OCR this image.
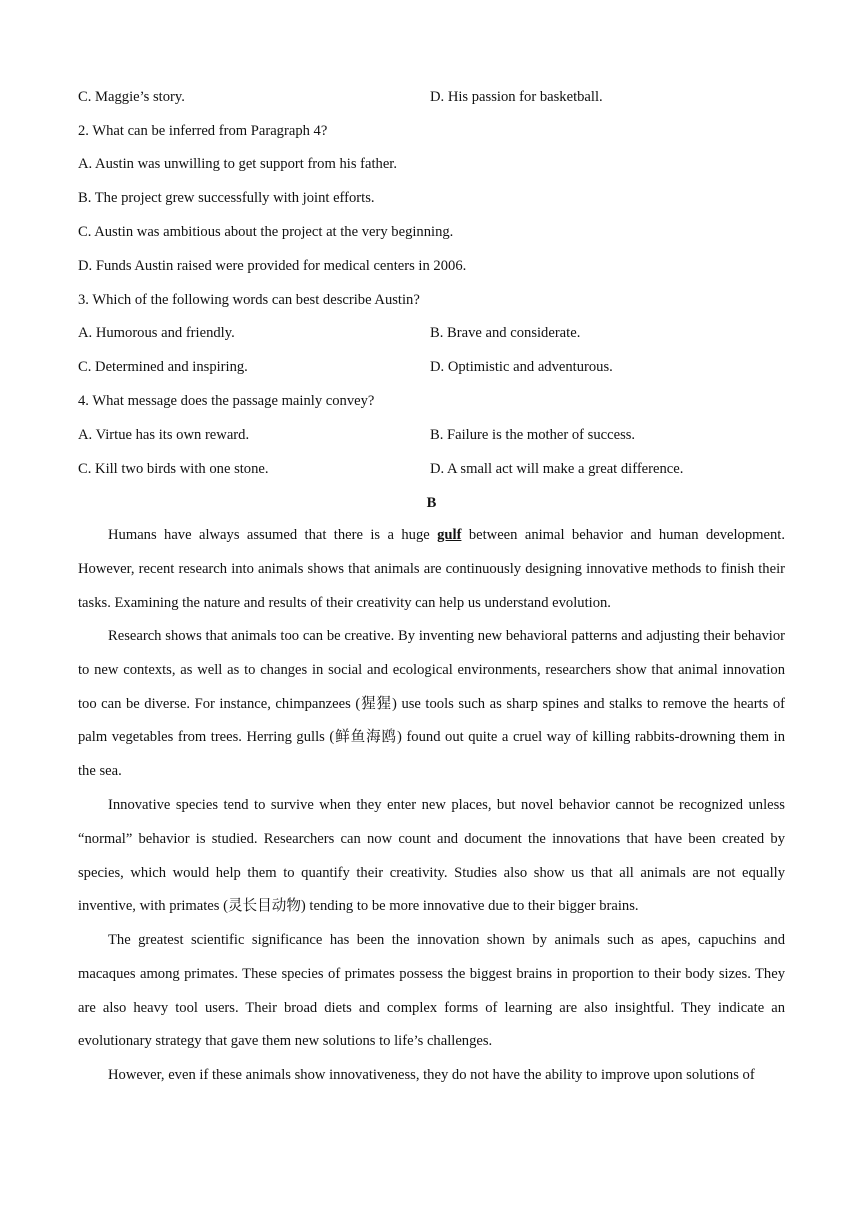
C. Maggie’s story.	D. His passion for basketball.
2. What can be inferred from Paragraph 4?
A. Austin was unwilling to get support from his father.
B. The project grew successfully with joint efforts.
C. Austin was ambitious about the project at the very beginning.
D. Funds Austin raised were provided for medical centers in 2006.
3. Which of the following words can best describe Austin?
A. Humorous and friendly.	B. Brave and considerate.
C. Determined and inspiring.	D. Optimistic and adventurous.
4. What message does the passage mainly convey?
A. Virtue has its own reward.	B. Failure is the mother of success.
C. Kill two birds with one stone.	D. A small act will make a great difference.
B

Humans have always assumed that there is a huge gulf between animal behavior and human development. However, recent research into animals shows that animals are continuously designing innovative methods to finish their tasks. Examining the nature and results of their creativity can help us understand evolution.

Research shows that animals too can be creative. By inventing new behavioral patterns and adjusting their behavior to new contexts, as well as to changes in social and ecological environments, researchers show that animal innovation too can be diverse. For instance, chimpanzees (猩猩) use tools such as sharp spines and stalks to remove the hearts of palm vegetables from trees. Herring gulls (鲜鱼海鸥) found out quite a cruel way of killing rabbits-drowning them in the sea.

Innovative species tend to survive when they enter new places, but novel behavior cannot be recognized unless “normal” behavior is studied. Researchers can now count and document the innovations that have been created by species, which would help them to quantify their creativity. Studies also show us that all animals are not equally inventive, with primates (灵长目动物) tending to be more innovative due to their bigger brains.

The greatest scientific significance has been the innovation shown by animals such as apes, capuchins and macaques among primates. These species of primates possess the biggest brains in proportion to their body sizes. They are also heavy tool users. Their broad diets and complex forms of learning are also insightful. They indicate an evolutionary strategy that gave them new solutions to life’s challenges.

However, even if these animals show innovativeness, they do not have the ability to improve upon solutions of
